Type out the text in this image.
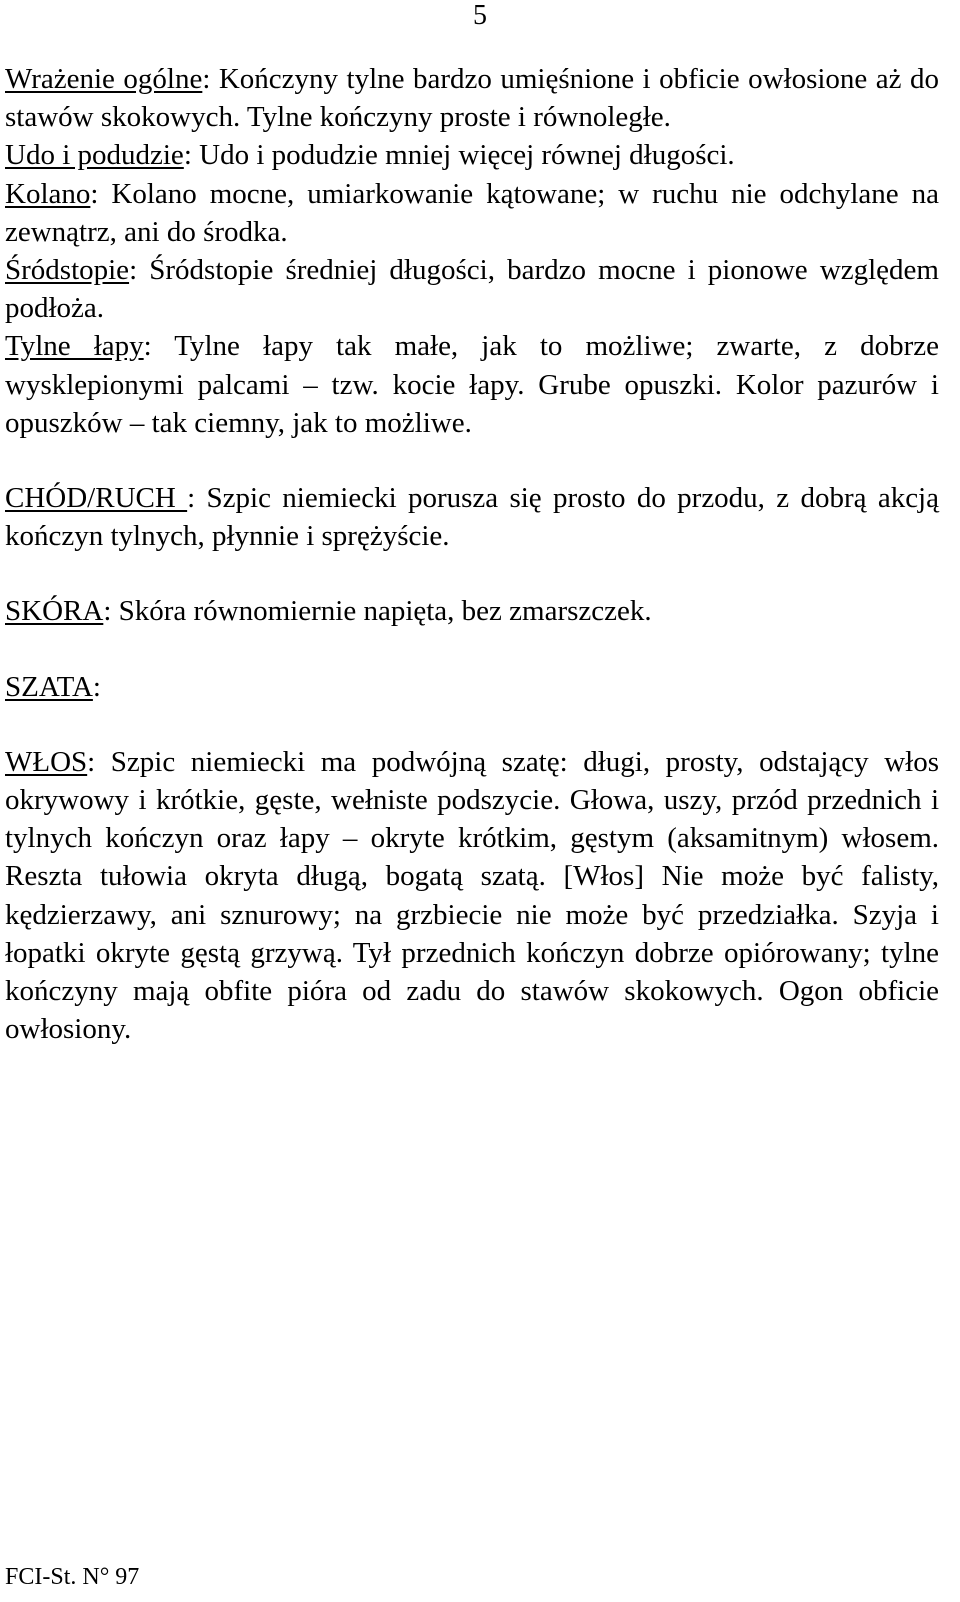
5

Wrażenie ogólne: Kończyny tylne bardzo umięśnione i obficie owłosione aż do stawów skokowych. Tylne kończyny proste i równoległe.

Udo i podudzie: Udo i podudzie mniej więcej równej długości.

Kolano: Kolano mocne, umiarkowanie kątowane; w ruchu nie odchylane na zewnątrz, ani do środka.

Śródstopie: Śródstopie średniej długości, bardzo mocne i pionowe względem podłoża.

Tylne łapy: Tylne łapy tak małe, jak to możliwe; zwarte, z dobrze wysklepionymi palcami – tzw. kocie łapy. Grube opuszki. Kolor pazurów i opuszków – tak ciemny, jak to możliwe.

CHÓD/RUCH : Szpic niemiecki porusza się prosto do przodu, z dobrą akcją kończyn tylnych, płynnie i sprężyście.

SKÓRA: Skóra równomiernie napięta, bez zmarszczek.

SZATA:

WŁOS: Szpic niemiecki ma podwójną szatę: długi, prosty, odstający włos okrywowy i krótkie, gęste, wełniste podszycie. Głowa, uszy, przód przednich i tylnych kończyn oraz łapy – okryte krótkim, gęstym (aksamitnym) włosem. Reszta tułowia okryta długą, bogatą szatą. [Włos] Nie może być falisty, kędzierzawy, ani sznurowy; na grzbiecie nie może być przedziałka. Szyja i łopatki okryte gęstą grzywą. Tył przednich kończyn dobrze opiórowany; tylne kończyny mają obfite pióra od zadu do stawów skokowych. Ogon obficie owłosiony.

FCI-St. N° 97
